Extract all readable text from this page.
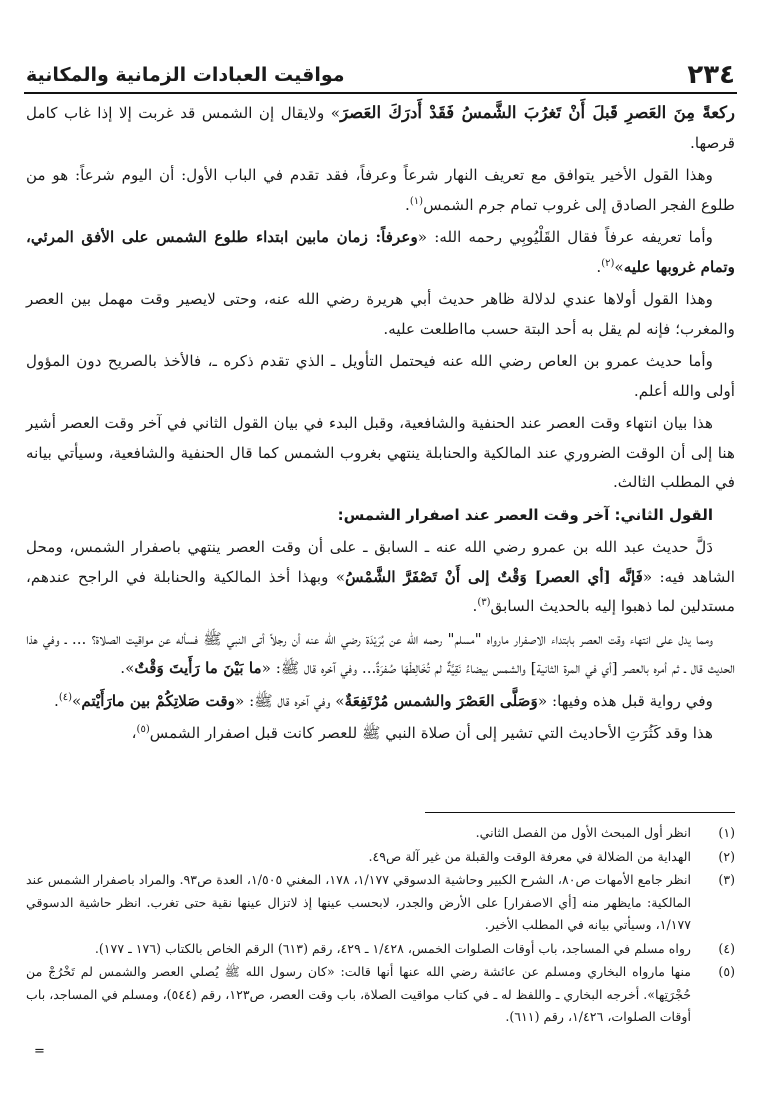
٢٣٤
مواقيت العبادات الزمانية والمكانية

ركعةً مِنَ العَصرِ قَبلَ أَنْ تَغرُبَ الشَّمسُ فَقَدْ أَدرَكَ العَصرَ» ولايقال إن الشمس قد غربت إلا إذا غاب كامل قرصها.

وهذا القول الأخير يتوافق مع تعريف النهار شرعاً وعرفاً، فقد تقدم في الباب الأول: أن اليوم شرعاً: هو من طلوع الفجر الصادق إلى غروب تمام جرم الشمس$^{(١)}$.

وأما تعريفه عرفاً فقال القَلْيُوبِي رحمه الله: «وعرفاً: زمان مابين ابتداء طلوع الشمس على الأفق المرئي، وتمام غروبها عليه»$^{(٢)}$.

وهذا القول أولاها عندي لدلالة ظاهر حديث أبي هريرة رضي الله عنه، وحتى لايصير وقت مهمل بين العصر والمغرب؛ فإنه لم يقل به أحد البتة حسب مااطلعت عليه.

وأما حديث عمرو بن العاص رضي الله عنه فيحتمل التأويل ـ الذي تقدم ذكره ـ، فالأخذ بالصريح دون المؤول أولى والله أعلم.

هذا بيان انتهاء وقت العصر عند الحنفية والشافعية، وقبل البدء في بيان القول الثاني في آخر وقت العصر أشير هنا إلى أن الوقت الضروري عند المالكية والحنابلة ينتهي بغروب الشمس كما قال الحنفية والشافعية، وسيأتي بيانه في المطلب الثالث.

القول الثاني: آخر وقت العصر عند اصفرار الشمس:

دَلَّ حديث عبد الله بن عمرو رضي الله عنه ـ السابق ـ على أن وقت العصر ينتهي باصفرار الشمس، ومحل الشاهد فيه: «فَإنَّه [أي العصر] وَقْتٌ إلى أَنْ تَصْفَرَّ الشَّمْسُ» وبهذا أخذ المالكية والحنابلة في الراجح عندهم، مستدلين لما ذهبوا إليه بالحديث السابق$^{(٣)}$.

ومما يدل على انتهاء وقت العصر بابتداء الاصفرار مارواه "مسلم" رحمه الله عن بُرَيْدَة رضي الله عنه أن رجلاً أتى النبي ﷺ فسأله عن مواقيت الصلاة؟ ... ـ وفي هذا الحديث قال ـ ثم أمره بالعصر [أي في المرة الثانية] والشمس بيضاءُ نَقِيَّةٌ لم تُخَالِطْهَا صُفرَةٌ... وفي آخره قال ﷺ: «ما بَيْنَ ما رَأَيتَ وَقْتٌ».

وفي رواية قبل هذه وفيها: «وَصَلَّى العَصْرَ والشمس مُرْتَفِعَةٌ» وفي آخره قال ﷺ: «وقت صَلاتِكُمْ بين مارَأَيْتم»$^{(٤)}$.

هذا وقد كَثُرَتِ الأحاديث التي تشير إلى أن صلاة النبي ﷺ للعصر كانت قبل اصفرار الشمس$^{(٥)}$،

(١)
انظر أول المبحث الأول من الفصل الثاني.
(٢)
الهداية من الضلالة في معرفة الوقت والقبلة من غير آلة ص٤٩.
(٣)
انظر جامع الأمهات ص٨٠، الشرح الكبير وحاشية الدسوقي ١/١٧٧، ١٧٨، المغني ١/٥٠٥، العدة ص٩٣. والمراد باصفرار الشمس عند المالكية: مايظهر منه [أي الاصفرار] على الأرض والجدر، لابحسب عينها إذ لاتزال عينها نقية حتى تغرب. انظر حاشية الدسوقي ١/١٧٧، وسيأتي بيانه في المطلب الأخير.
(٤)
رواه مسلم في المساجد، باب أوقات الصلوات الخمس، ١/٤٢٨ ـ ٤٢٩، رقم (٦١٣) الرقم الخاص بالكتاب (١٧٦ ـ ١٧٧).
(٥)
منها مارواه البخاري ومسلم عن عائشة رضي الله عنها أنها قالت: «كان رسول الله ﷺ يُصلي العصر والشمس لم تَخْرُجْ من حُجْرَتِها». أخرجه البخاري ـ واللفظ له ـ في كتاب مواقيت الصلاة، باب وقت العصر، ص١٢٣، رقم (٥٤٤)، ومسلم في المساجد، باب أوقات الصلوات، ١/٤٢٦، رقم (٦١١).
=
